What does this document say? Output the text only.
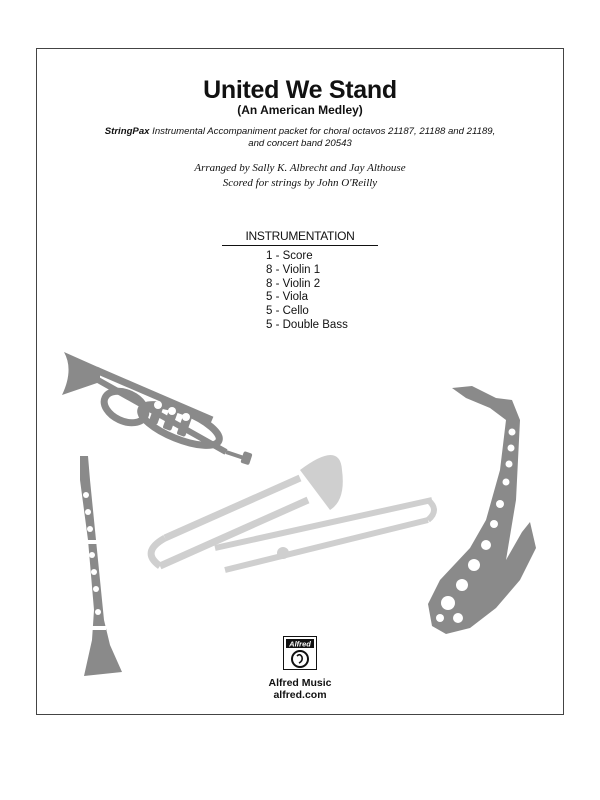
United We Stand
(An American Medley)
StringPax Instrumental Accompaniment packet for choral octavos 21187, 21188 and 21189,
and concert band 20543
Arranged by Sally K. Albrecht and Jay Althouse
Scored for strings by John O'Reilly
INSTRUMENTATION
1 - Score
8 - Violin 1
8 - Violin 2
5 - Viola
5 - Cello
5 - Double Bass
Alfred
Alfred Music
alfred.com
